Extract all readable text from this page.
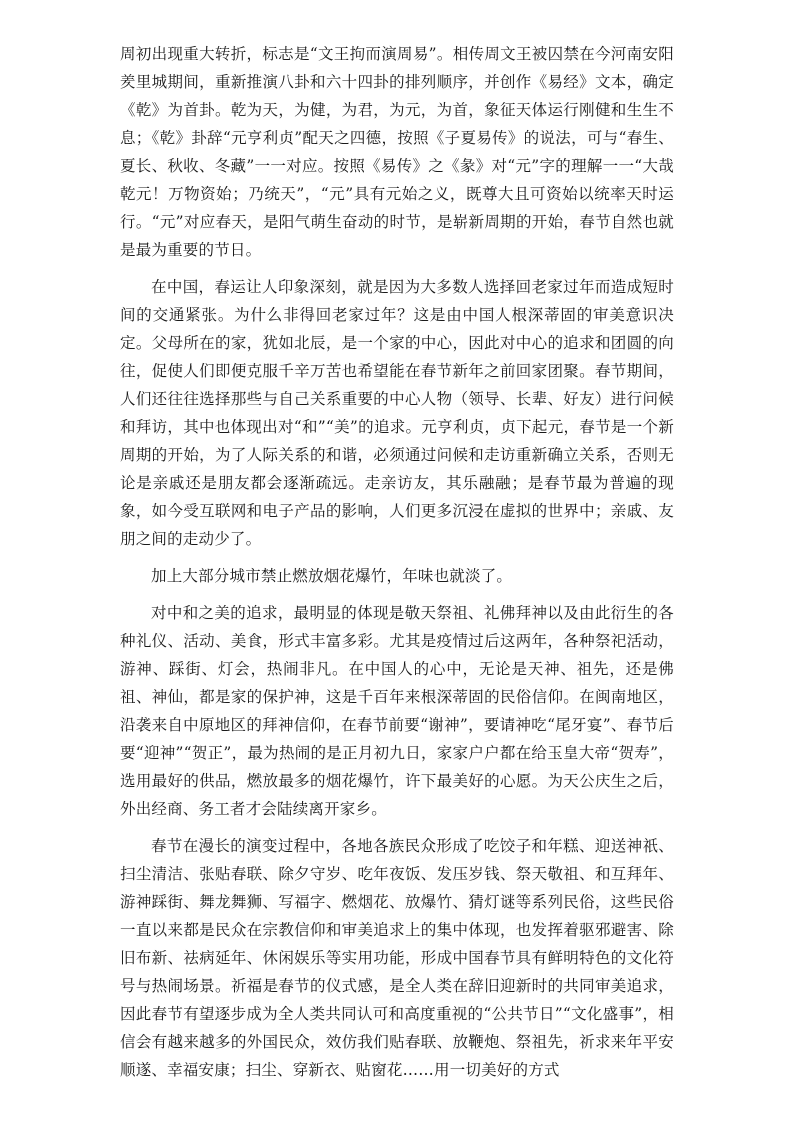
周初出现重大转折，标志是“文王拘而演周易”。相传周文王被囚禁在今河南安阳羑里城期间，重新推演八卦和六十四卦的排列顺序，并创作《易经》文本，确定《乾》为首卦。乾为天，为健，为君，为元，为首，象征天体运行刚健和生生不息；《乾》卦辞“元亨利贞”配天之四德，按照《子夏易传》的说法，可与“春生、夏长、秋收、冬藏”一一对应。按照《易传》之《彖》对“元”字的理解一一“大哉乾元！万物资始；乃统天”，“元”具有元始之义，既尊大且可资始以统率天时运行。“元”对应春天，是阳气萌生奋动的时节，是崭新周期的开始，春节自然也就是最为重要的节日。

在中国，春运让人印象深刻，就是因为大多数人选择回老家过年而造成短时间的交通紧张。为什么非得回老家过年？这是由中国人根深蒂固的审美意识决定。父母所在的家，犹如北辰，是一个家的中心，因此对中心的追求和团圆的向往，促使人们即便克服千辛万苦也希望能在春节新年之前回家团聚。春节期间，人们还往往选择那些与自己关系重要的中心人物（领导、长辈、好友）进行问候和拜访，其中也体现出对“和”“美”的追求。元亨利贞，贞下起元，春节是一个新周期的开始，为了人际关系的和谐，必须通过问候和走访重新确立关系，否则无论是亲戚还是朋友都会逐渐疏远。走亲访友，其乐融融；是春节最为普遍的现象，如今受互联网和电子产品的影响，人们更多沉浸在虚拟的世界中；亲戚、友朋之间的走动少了。

加上大部分城市禁止燃放烟花爆竹，年味也就淡了。

对中和之美的追求，最明显的体现是敬天祭祖、礼佛拜神以及由此衍生的各种礼仪、活动、美食，形式丰富多彩。尤其是疫情过后这两年，各种祭祀活动，游神、踩街、灯会，热闹非凡。在中国人的心中，无论是天神、祖先，还是佛祖、神仙，都是家的保护神，这是千百年来根深蒂固的民俗信仰。在闽南地区，沿袭来自中原地区的拜神信仰，在春节前要“谢神”，要请神吃“尾牙宴”、春节后要“迎神”“贺正”，最为热闹的是正月初九日，家家户户都在给玉皇大帝“贺寿”，选用最好的供品，燃放最多的烟花爆竹，许下最美好的心愿。为天公庆生之后，外出经商、务工者才会陆续离开家乡。

春节在漫长的演变过程中，各地各族民众形成了吃饺子和年糕、迎送神祇、扫尘清洁、张贴春联、除夕守岁、吃年夜饭、发压岁钱、祭天敬祖、和互拜年、游神踩街、舞龙舞狮、写福字、燃烟花、放爆竹、猜灯谜等系列民俗，这些民俗一直以来都是民众在宗教信仰和审美追求上的集中体现，也发挥着驱邪避害、除旧布新、祛病延年、休闲娱乐等实用功能，形成中国春节具有鲜明特色的文化符号与热闹场景。祈福是春节的仪式感，是全人类在辞旧迎新时的共同审美追求，因此春节有望逐步成为全人类共同认可和高度重视的“公共节日”“文化盛事”，相信会有越来越多的外国民众，效仿我们贴春联、放鞭炮、祭祖先，祈求来年平安顺遂、幸福安康；扫尘、穿新衣、贴窗花……用一切美好的方式
